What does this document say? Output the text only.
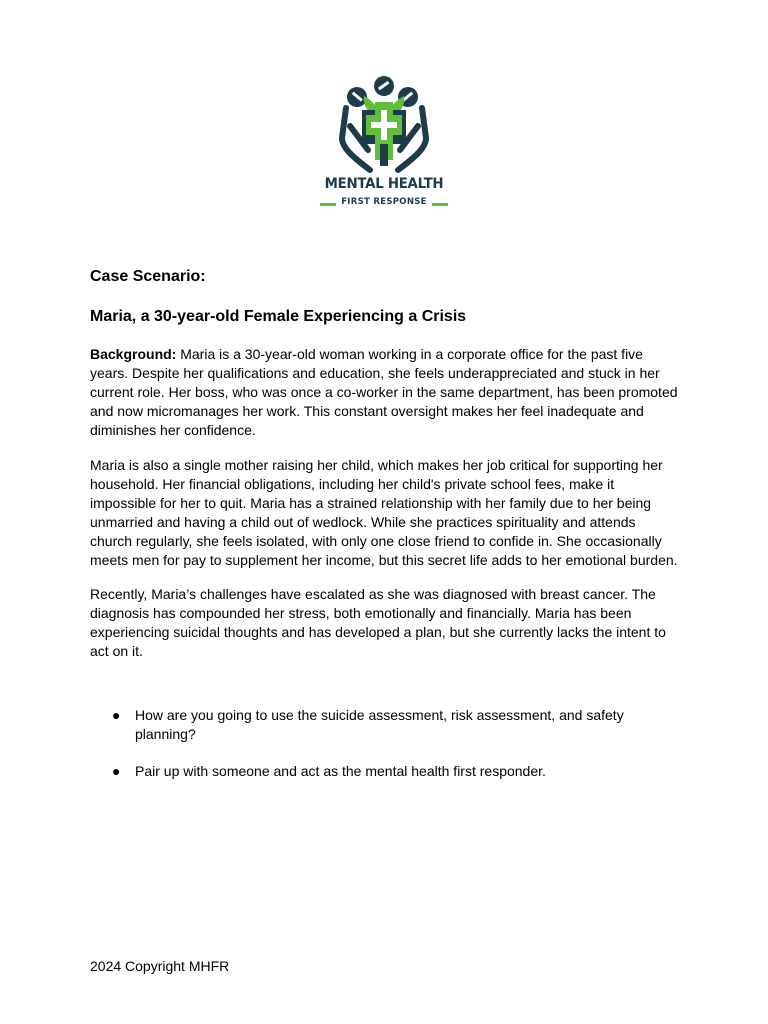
MENTAL HEALTH
FIRST RESPONSE
Case Scenario:
Maria, a 30-year-old Female Experiencing a Crisis

Background: Maria is a 30-year-old woman working in a corporate office for the past five years. Despite her qualifications and education, she feels underappreciated and stuck in her current role. Her boss, who was once a co-worker in the same department, has been promoted and now micromanages her work. This constant oversight makes her feel inadequate and diminishes her confidence.

Maria is also a single mother raising her child, which makes her job critical for supporting her household. Her financial obligations, including her child's private school fees, make it impossible for her to quit. Maria has a strained relationship with her family due to her being unmarried and having a child out of wedlock. While she practices spirituality and attends church regularly, she feels isolated, with only one close friend to confide in. She occasionally meets men for pay to supplement her income, but this secret life adds to her emotional burden.

Recently, Maria’s challenges have escalated as she was diagnosed with breast cancer. The diagnosis has compounded her stress, both emotionally and financially. Maria has been experiencing suicidal thoughts and has developed a plan, but she currently lacks the intent to act on it.

● How are you going to use the suicide assessment, risk assessment, and safety planning?
● Pair up with someone and act as the mental health first responder.
2024 Copyright MHFR
